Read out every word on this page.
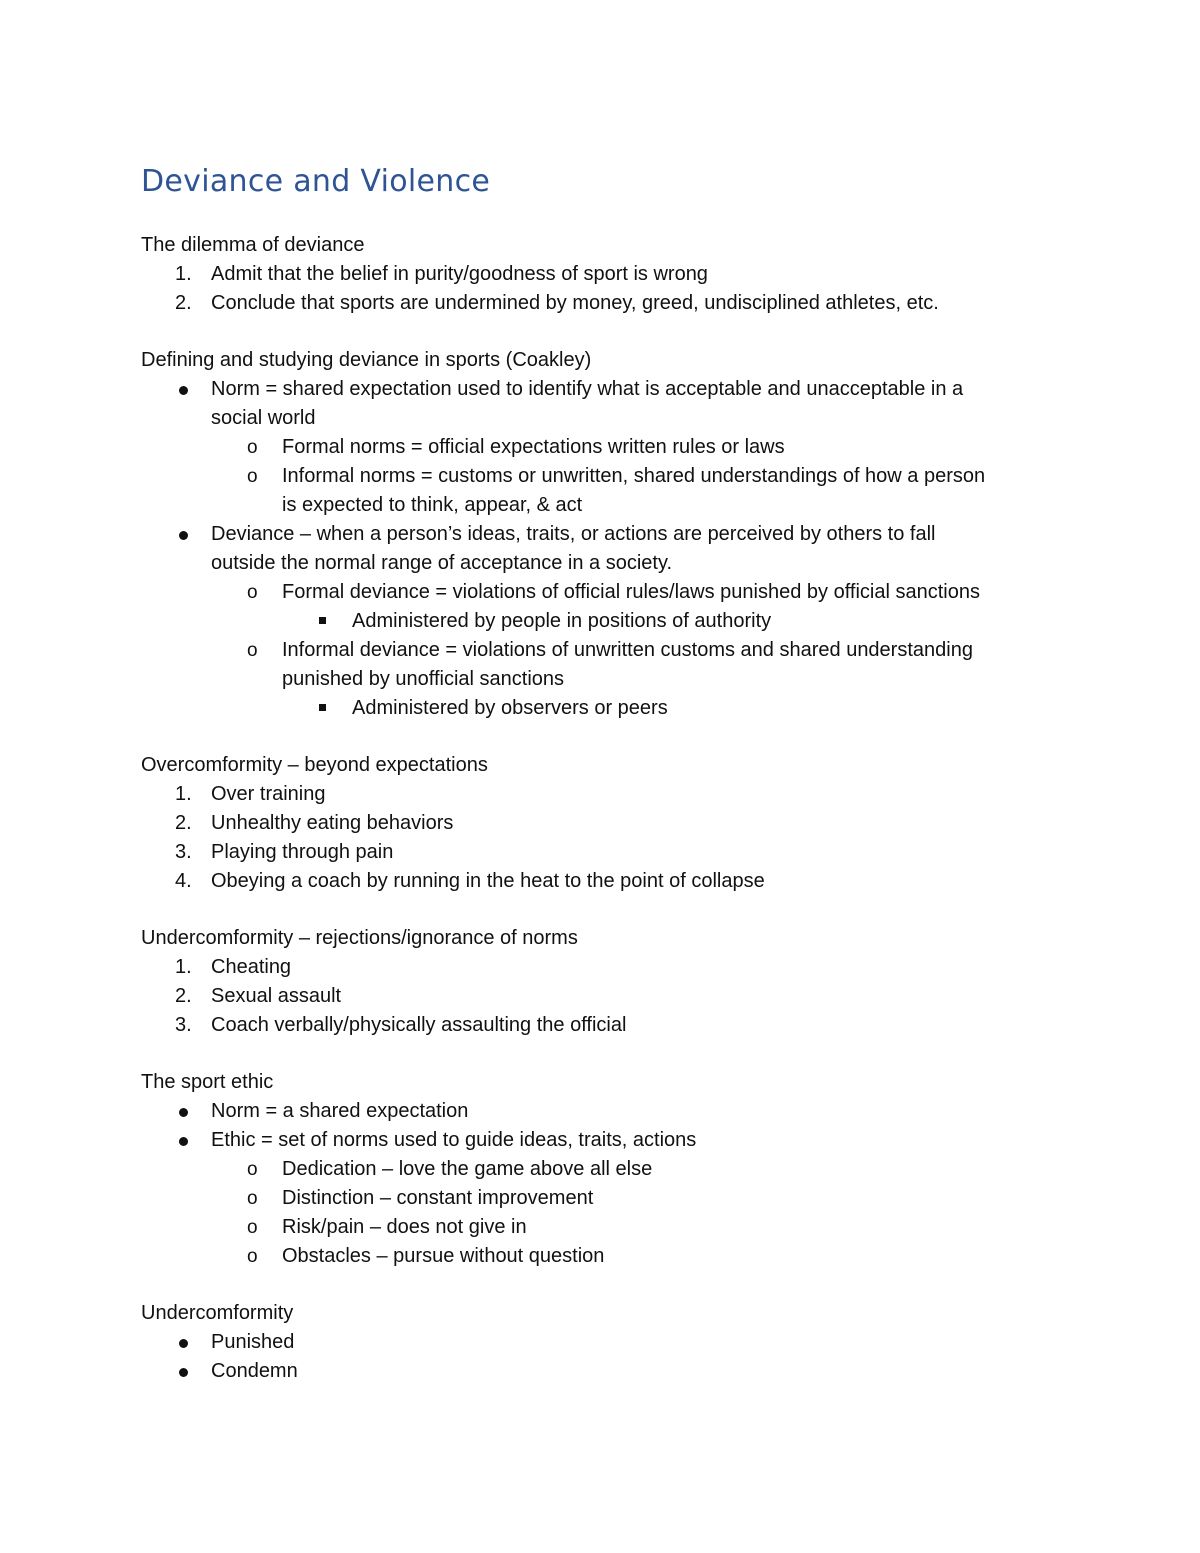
Deviance and Violence
The dilemma of deviance
1. Admit that the belief in purity/goodness of sport is wrong
2. Conclude that sports are undermined by money, greed, undisciplined athletes, etc.
Defining and studying deviance in sports (Coakley)
Norm = shared expectation used to identify what is acceptable and unacceptable in a
social world
o Formal norms = official expectations written rules or laws
o Informal norms = customs or unwritten, shared understandings of how a person
is expected to think, appear, & act
Deviance – when a person’s ideas, traits, or actions are perceived by others to fall
outside the normal range of acceptance in a society.
o Formal deviance = violations of official rules/laws punished by official sanctions
Administered by people in positions of authority
o Informal deviance = violations of unwritten customs and shared understanding
punished by unofficial sanctions
Administered by observers or peers
Overcomformity – beyond expectations
1. Over training
2. Unhealthy eating behaviors
3. Playing through pain
4. Obeying a coach by running in the heat to the point of collapse
Undercomformity – rejections/ignorance of norms
1. Cheating
2. Sexual assault
3. Coach verbally/physically assaulting the official
The sport ethic
Norm = a shared expectation
Ethic = set of norms used to guide ideas, traits, actions
o Dedication – love the game above all else
o Distinction – constant improvement
o Risk/pain – does not give in
o Obstacles – pursue without question
Undercomformity
Punished
Condemn
